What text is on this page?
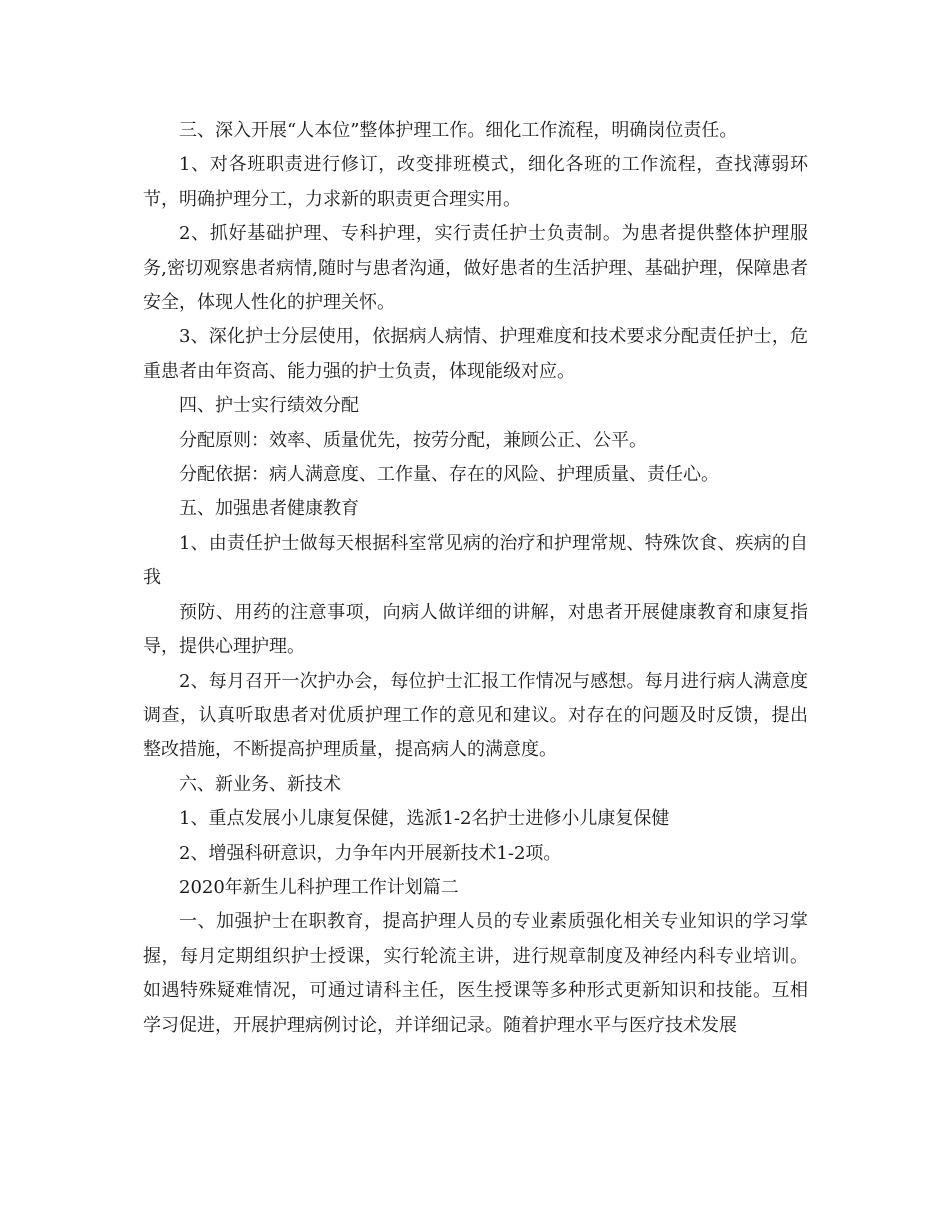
三、深入开展“人本位”整体护理工作。细化工作流程，明确岗位责任。

1、对各班职责进行修订，改变排班模式，细化各班的工作流程，查找薄弱环节，明确护理分工，力求新的职责更合理实用。

2、抓好基础护理、专科护理，实行责任护士负责制。为患者提供整体护理服务,密切观察患者病情,随时与患者沟通，做好患者的生活护理、基础护理，保障患者安全，体现人性化的护理关怀。

3、深化护士分层使用，依据病人病情、护理难度和技术要求分配责任护士，危重患者由年资高、能力强的护士负责，体现能级对应。

四、护士实行绩效分配

分配原则：效率、质量优先，按劳分配，兼顾公正、公平。

分配依据：病人满意度、工作量、存在的风险、护理质量、责任心。

五、加强患者健康教育

1、由责任护士做每天根据科室常见病的治疗和护理常规、特殊饮食、疾病的自我

预防、用药的注意事项，向病人做详细的讲解，对患者开展健康教育和康复指导，提供心理护理。

2、每月召开一次护办会，每位护士汇报工作情况与感想。每月进行病人满意度调查，认真听取患者对优质护理工作的意见和建议。对存在的问题及时反馈，提出整改措施，不断提高护理质量，提高病人的满意度。

六、新业务、新技术

1、重点发展小儿康复保健，选派1-2名护士进修小儿康复保健

2、增强科研意识，力争年内开展新技术1-2项。

2020年新生儿科护理工作计划篇二

一、加强护士在职教育，提高护理人员的专业素质强化相关专业知识的学习掌握，每月定期组织护士授课，实行轮流主讲，进行规章制度及神经内科专业培训。如遇特殊疑难情况，可通过请科主任，医生授课等多种形式更新知识和技能。互相学习促进，开展护理病例讨论，并详细记录。随着护理水平与医疗技术发展
